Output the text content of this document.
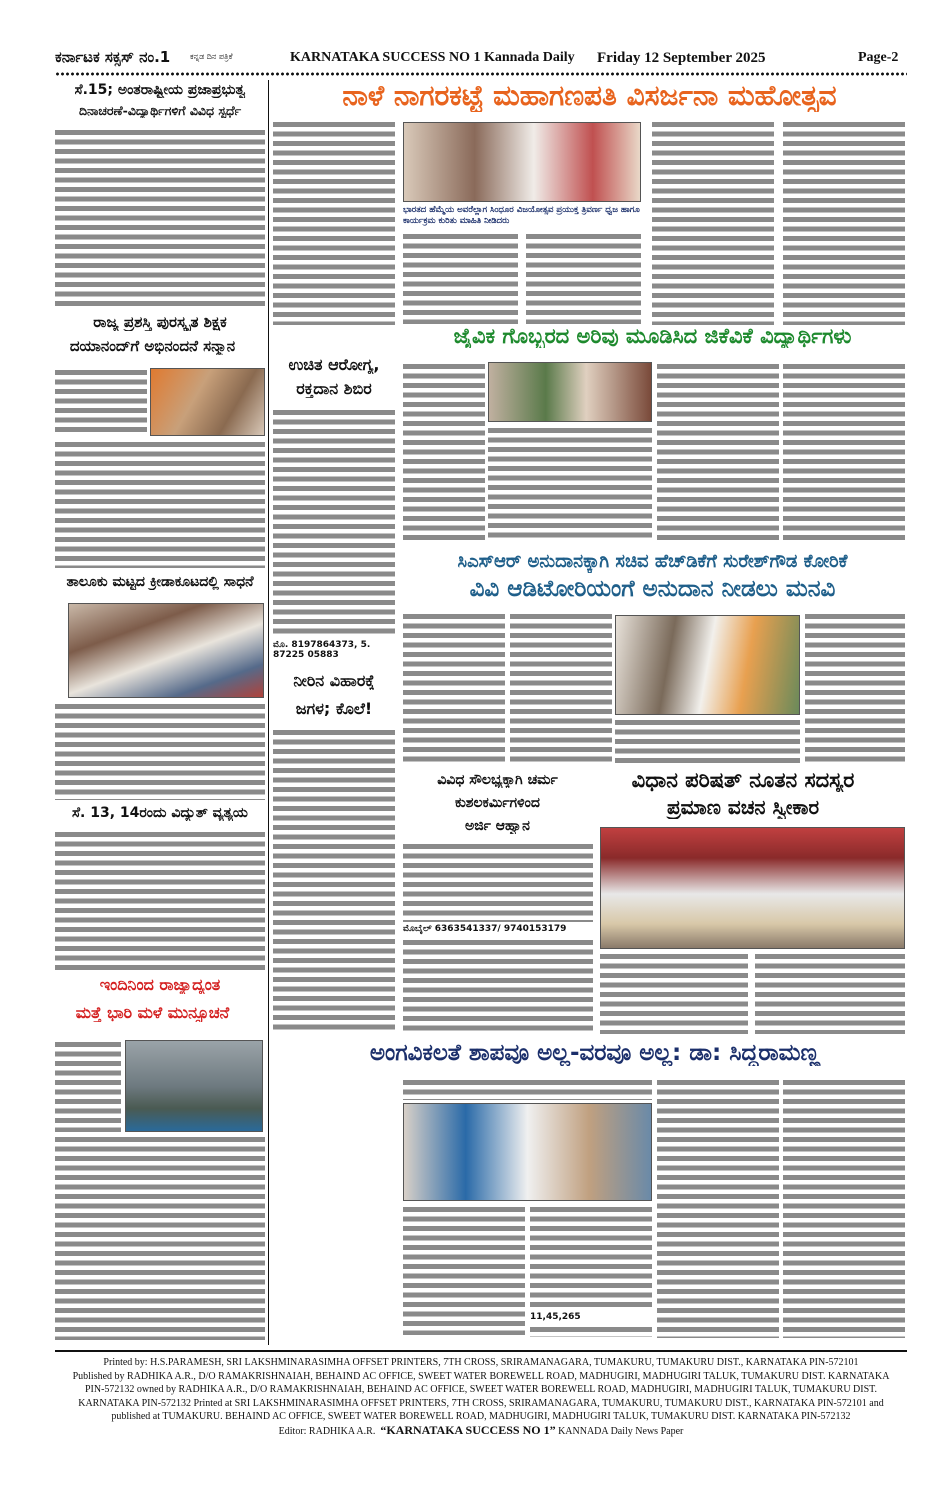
ಕರ್ನಾಟಕ ಸಕ್ಸಸ್ ನಂ.1 ಕನ್ನಡ ದಿನ ಪತ್ರಿಕೆ	KARNATAKA SUCCESS NO 1 Kannada Daily Friday 12 September 2025	Page-2
ನಾಳೆ ನಾಗರಕಟ್ಟೆ ಮಹಾಗಣಪತಿ ವಿಸರ್ಜನಾ ಮಹೋತ್ಸವ
ಸೆ.15; ಅಂತರಾಷ್ಟ್ರೀಯ ಪ್ರಜಾಪ್ರಭುತ್ವ
ದಿನಾಚರಣೆ-ವಿದ್ಯಾರ್ಥಿಗಳಿಗೆ ವಿವಿಧ ಸ್ಪರ್ಧೆ
ರಾಜ್ಯ ಪ್ರಶಸ್ತಿ ಪುರಸ್ಕೃತ ಶಿಕ್ಷಕ
ದಯಾನಂದ್‌ಗೆ ಅಭಿನಂದನೆ ಸನ್ಮಾನ
ತಾಲೂಕು ಮಟ್ಟದ ಕ್ರೀಡಾಕೂಟದಲ್ಲಿ ಸಾಧನೆ
ಸೆ. 13, 14ರಂದು ವಿದ್ಯುತ್ ವ್ಯತ್ಯಯ
ಇಂದಿನಿಂದ ರಾಜ್ಯಾದ್ಯಂತ
ಮತ್ತೆ ಭಾರಿ ಮಳೆ ಮುನ್ಸೂಚನೆ
ಭಾರತದ ಹೆಮ್ಮೆಯ ಅವರೆಲ್ಲಾಗ ಸಿಂಧೂರ ವಿಜಯೋತ್ಸವ ಪ್ರಯುಕ್ತ ತ್ರಿವರ್ಣ ಧ್ವಜ ಹಾಗೂ ಕಾರ್ಯಕ್ರಮ ಕುರಿತು ಮಾಹಿತಿ ನೀಡಿದರು
ಉಚಿತ ಆರೋಗ್ಯ,
ರಕ್ತದಾನ ಶಿಬಿರ
ಮೊ. 8197864373, 5. 87225 05883
ನೀರಿನ ವಿಹಾರಕ್ಕೆ
ಜಗಳ; ಕೊಲೆ!
ಜೈವಿಕ ಗೊಬ್ಬರದ ಅರಿವು ಮೂಡಿಸಿದ ಜಿಕೆವಿಕೆ ವಿದ್ಯಾರ್ಥಿಗಳು
ಸಿಎಸ್‌ಆರ್ ಅನುದಾನಕ್ಕಾಗಿ ಸಚಿವ ಹೆಚ್‌ಡಿಕೆಗೆ ಸುರೇಶ್‌ಗೌಡ ಕೋರಿಕೆ
ವಿವಿ ಆಡಿಟೋರಿಯಂಗೆ ಅನುದಾನ ನೀಡಲು ಮನವಿ
ವಿವಿಧ ಸೌಲಭ್ಯಕ್ಕಾಗಿ ಚರ್ಮ
ಕುಶಲಕರ್ಮಿಗಳಿಂದ
ಅರ್ಜಿ ಆಹ್ವಾನ
ಮೊಬೈಲ್ 6363541337/ 9740153179
ವಿಧಾನ ಪರಿಷತ್ ನೂತನ ಸದಸ್ಯರ
ಪ್ರಮಾಣ ವಚನ ಸ್ವೀಕಾರ
ಅಂಗವಿಕಲತೆ ಶಾಪವೂ ಅಲ್ಲ-ವರವೂ ಅಲ್ಲ: ಡಾ: ಸಿದ್ದರಾಮಣ್ಣ
11,45,265
Printed by: H.S.PARAMESH, SRI LAKSHMINARASIMHA OFFSET PRINTERS, 7TH CROSS, SRIRAMANAGARA, TUMAKURU, TUMAKURU DIST., KARNATAKA PIN-572101
Published by RADHIKA A.R., D/O RAMAKRISHNAIAH, BEHAIND AC OFFICE, SWEET WATER BOREWELL ROAD, MADHUGIRI, MADHUGIRI TALUK, TUMAKURU DIST. KARNATAKA
PIN-572132 owned by RADHIKA A.R., D/O RAMAKRISHNAIAH, BEHAIND AC OFFICE, SWEET WATER BOREWELL ROAD, MADHUGIRI, MADHUGIRI TALUK, TUMAKURU DIST.
KARNATAKA PIN-572132 Printed at SRI LAKSHMINARASIMHA OFFSET PRINTERS, 7TH CROSS, SRIRAMANAGARA, TUMAKURU, TUMAKURU DIST., KARNATAKA PIN-572101 and
published at TUMAKURU. BEHAIND AC OFFICE, SWEET WATER BOREWELL ROAD, MADHUGIRI, MADHUGIRI TALUK, TUMAKURU DIST. KARNATAKA PIN-572132
Editor: RADHIKA A.R. “KARNATAKA SUCCESS NO 1” KANNADA Daily News Paper
